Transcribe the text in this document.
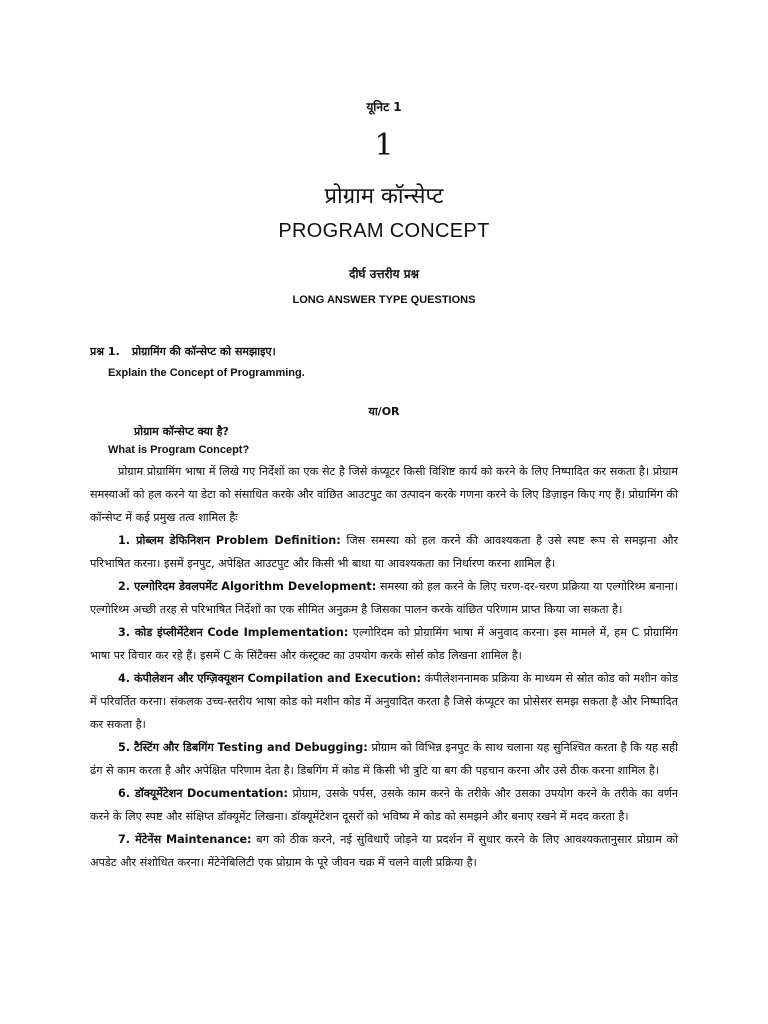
यूनिट 1
1
प्रोग्राम कॉन्सेप्ट
PROGRAM CONCEPT
दीर्घ उत्तरीय प्रश्न
LONG ANSWER TYPE QUESTIONS
प्रश्न 1. प्रोग्रामिंग की कॉन्सेप्ट को समझाइए।
Explain the Concept of Programming.
या/OR
प्रोग्राम कॉन्सेप्ट क्या है?
What is Program Concept?

प्रोग्राम प्रोग्रामिंग भाषा में लिखे गए निर्देशों का एक सेट है जिसे कंप्यूटर किसी विशिष्ट कार्य को करने के लिए निष्पादित कर सकता है। प्रोग्राम समस्याओं को हल करने या डेटा को संसाधित करके और वांछित आउटपुट का उत्पादन करके गणना करने के लिए डिज़ाइन किए गए हैं। प्रोग्रामिंग की कॉन्सेप्ट में कई प्रमुख तत्व शामिल हैः

1. प्रोब्लम डेफिनिशन Problem Definition: जिस समस्या को हल करने की आवश्यकता है उसे स्पष्ट रूप से समझना और परिभाषित करना। इसमें इनपुट, अपेक्षित आउटपुट और किसी भी बाधा या आवश्यकता का निर्धारण करना शामिल है।

2. एल्गोरिदम डेवलपमेंट Algorithm Development: समस्या को हल करने के लिए चरण-दर-चरण प्रक्रिया या एल्गोरिथ्म बनाना। एल्गोरिथ्म अच्छी तरह से परिभाषित निर्देशों का एक सीमित अनुक्रम है जिसका पालन करके वांछित परिणाम प्राप्त किया जा सकता है।

3. कोड इंप्लीमेंटेशन Code Implementation: एल्गोरिदम को प्रोग्रामिंग भाषा में अनुवाद करना। इस मामले में, हम C प्रोग्रामिंग भाषा पर विचार कर रहे हैं। इसमें C के सिंटैक्स और कंस्ट्रक्ट का उपयोग करके सोर्स कोड लिखना शामिल है।

4. कंपीलेशन और एग्ज़िक्यूशन Compilation and Execution: कंपीलेशननामक प्रक्रिया के माध्यम से स्रोत कोड को मशीन कोड में परिवर्तित करना। संकलक उच्च-स्तरीय भाषा कोड को मशीन कोड में अनुवादित करता है जिसे कंप्यूटर का प्रोसेसर समझ सकता है और निष्पादित कर सकता है।

5. टैस्टिंग और डिबगिंग Testing and Debugging: प्रोग्राम को विभिन्न इनपुट के साथ चलाना यह सुनिश्चित करता है कि यह सही ढंग से काम करता है और अपेक्षित परिणाम देता है। डिबगिंग में कोड में किसी भी त्रुटि या बग की पहचान करना और उसे ठीक करना शामिल है।

6. डॉक्यूमेंटेशन Documentation: प्रोग्राम, उसके पर्पस, उसके काम करने के तरीके और उसका उपयोग करने के तरीके का वर्णन करने के लिए स्पष्ट और संक्षिप्त डॉक्यूमेंट लिखना। डॉक्यूमेंटेशन दूसरों को भविष्य में कोड को समझने और बनाए रखने में मदद करता है।

7. मेंटेनेंस Maintenance: बग को ठीक करने, नई सुविधाएँ जोड़ने या प्रदर्शन में सुधार करने के लिए आवश्यकतानुसार प्रोग्राम को अपडेट और संशोधित करना। मेंटेनेबिलिटी एक प्रोग्राम के पूरे जीवन चक्र में चलने वाली प्रक्रिया है।
